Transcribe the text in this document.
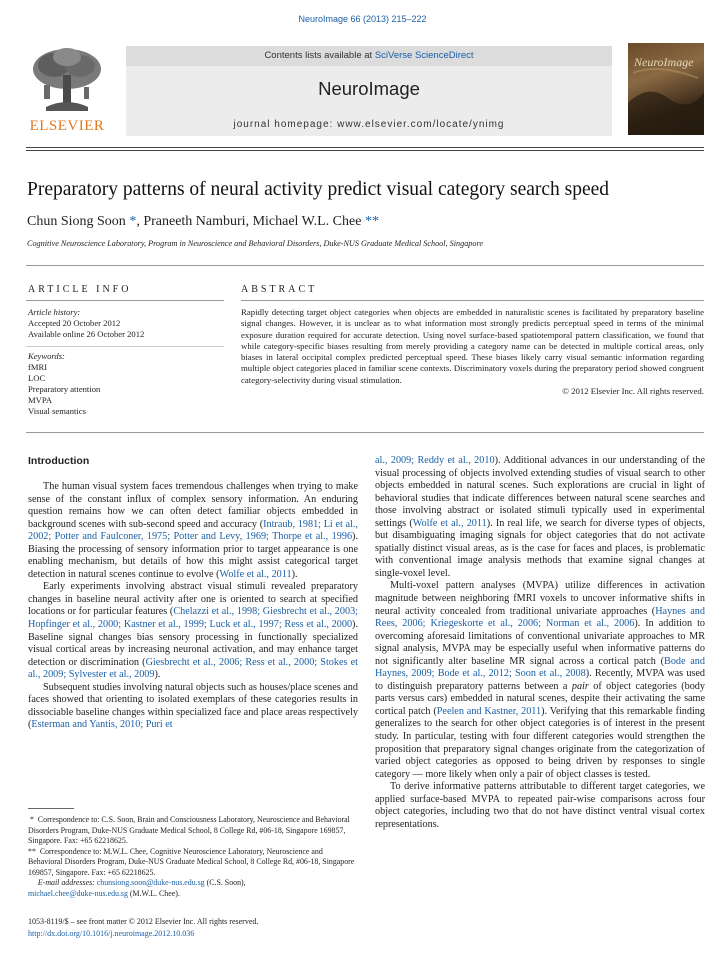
NeuroImage 66 (2013) 215–222
ELSEVIER
Contents lists available at SciVerse ScienceDirect
NeuroImage
journal homepage: www.elsevier.com/locate/ynimg
NeuroImage
Preparatory patterns of neural activity predict visual category search speed
Chun Siong Soon *, Praneeth Namburi, Michael W.L. Chee **
Cognitive Neuroscience Laboratory, Program in Neuroscience and Behavioral Disorders, Duke-NUS Graduate Medical School, Singapore
ARTICLE INFO	ABSTRACT
Article history:
Accepted 20 October 2012
Available online 26 October 2012
Keywords:
fMRI
LOC
Preparatory attention
MVPA
Visual semantics
Rapidly detecting target object categories when objects are embedded in naturalistic scenes is facilitated by preparatory baseline signal changes. However, it is unclear as to what information most strongly predicts perceptual speed in terms of the minimal exposure duration required for accurate detection. Using novel surface-based spatiotemporal pattern classification, we found that while category-specific biases resulting from merely providing a category name can be detected in multiple cortical areas, only biases in lateral occipital complex predicted perceptual speed. These biases likely carry visual semantic information regarding multiple object categories placed in familiar scene contexts. Discriminatory voxels during the preparatory period showed congruent category-selectivity during visual stimulation.
© 2012 Elsevier Inc. All rights reserved.
Introduction

The human visual system faces tremendous challenges when trying to make sense of the constant influx of complex sensory information. An enduring question remains how we can often detect familiar objects embedded in background scenes with sub-second speed and accuracy (Intraub, 1981; Li et al., 2002; Potter and Faulconer, 1975; Potter and Levy, 1969; Thorpe et al., 1996). Biasing the processing of sensory information prior to target appearance is one enabling mechanism, but details of how this might assist categorical target detection in natural scenes continue to evolve (Wolfe et al., 2011).

Early experiments involving abstract visual stimuli revealed preparatory changes in baseline neural activity after one is oriented to search at specified locations or for particular features (Chelazzi et al., 1998; Giesbrecht et al., 2003; Hopfinger et al., 2000; Kastner et al., 1999; Luck et al., 1997; Ress et al., 2000). Baseline signal changes bias sensory processing in functionally specialized visual cortical areas by increasing neuronal activation, and may enhance target detection or discrimination (Giesbrecht et al., 2006; Ress et al., 2000; Stokes et al., 2009; Sylvester et al., 2009).

Subsequent studies involving natural objects such as houses/place scenes and faces showed that orienting to isolated exemplars of these categories results in dissociable baseline changes within specialized face and place areas respectively (Esterman and Yantis, 2010; Puri et

al., 2009; Reddy et al., 2010). Additional advances in our understanding of the visual processing of objects involved extending studies of visual search to other objects embedded in natural scenes. Such explorations are crucial in light of behavioral studies that indicate differences between natural scene searches and those involving abstract or isolated stimuli typically used in experimental settings (Wolfe et al., 2011). In real life, we search for diverse types of objects, but disambiguating imaging signals for object categories that do not activate spatially distinct visual areas, as is the case for faces and places, is problematic with conventional image analysis methods that examine signal changes at single-voxel level.

Multi-voxel pattern analyses (MVPA) utilize differences in activation magnitude between neighboring fMRI voxels to uncover informative shifts in neural activity concealed from traditional univariate approaches (Haynes and Rees, 2006; Kriegeskorte et al., 2006; Norman et al., 2006). In addition to overcoming aforesaid limitations of conventional univariate approaches to MR signal analysis, MVPA may be especially useful when informative patterns do not significantly alter baseline MR signal across a cortical patch (Bode and Haynes, 2009; Bode et al., 2012; Soon et al., 2008). Recently, MVPA was used to distinguish preparatory patterns between a pair of object categories (body parts versus cars) embedded in natural scenes, despite their activating the same cortical patch (Peelen and Kastner, 2011). Verifying that this remarkable finding generalizes to the search for other object categories is of interest in the present study. In particular, testing with four different categories would strengthen the proposition that preparatory signal changes originate from the categorization of varied object categories as opposed to being driven by responses to single category — more likely when only a pair of object classes is tested.

To derive informative patterns attributable to different target categories, we applied surface-based MVPA to repeated pair-wise comparisons across four object categories, including two that do not have distinct ventral visual cortex representations.

* Correspondence to: C.S. Soon, Brain and Consciousness Laboratory, Neuroscience and Behavioral Disorders Program, Duke-NUS Graduate Medical School, 8 College Rd, #06-18, Singapore 169857, Singapore. Fax: +65 62218625.

** Correspondence to: M.W.L. Chee, Cognitive Neuroscience Laboratory, Neuroscience and Behavioral Disorders Program, Duke-NUS Graduate Medical School, 8 College Rd, #06-18, Singapore 169857, Singapore. Fax: +65 62218625.

E-mail addresses: chunsiong.soon@duke-nus.edu.sg (C.S. Soon),
michael.chee@duke-nus.edu.sg (M.W.L. Chee).

1053-8119/$ – see front matter © 2012 Elsevier Inc. All rights reserved.
http://dx.doi.org/10.1016/j.neuroimage.2012.10.036
